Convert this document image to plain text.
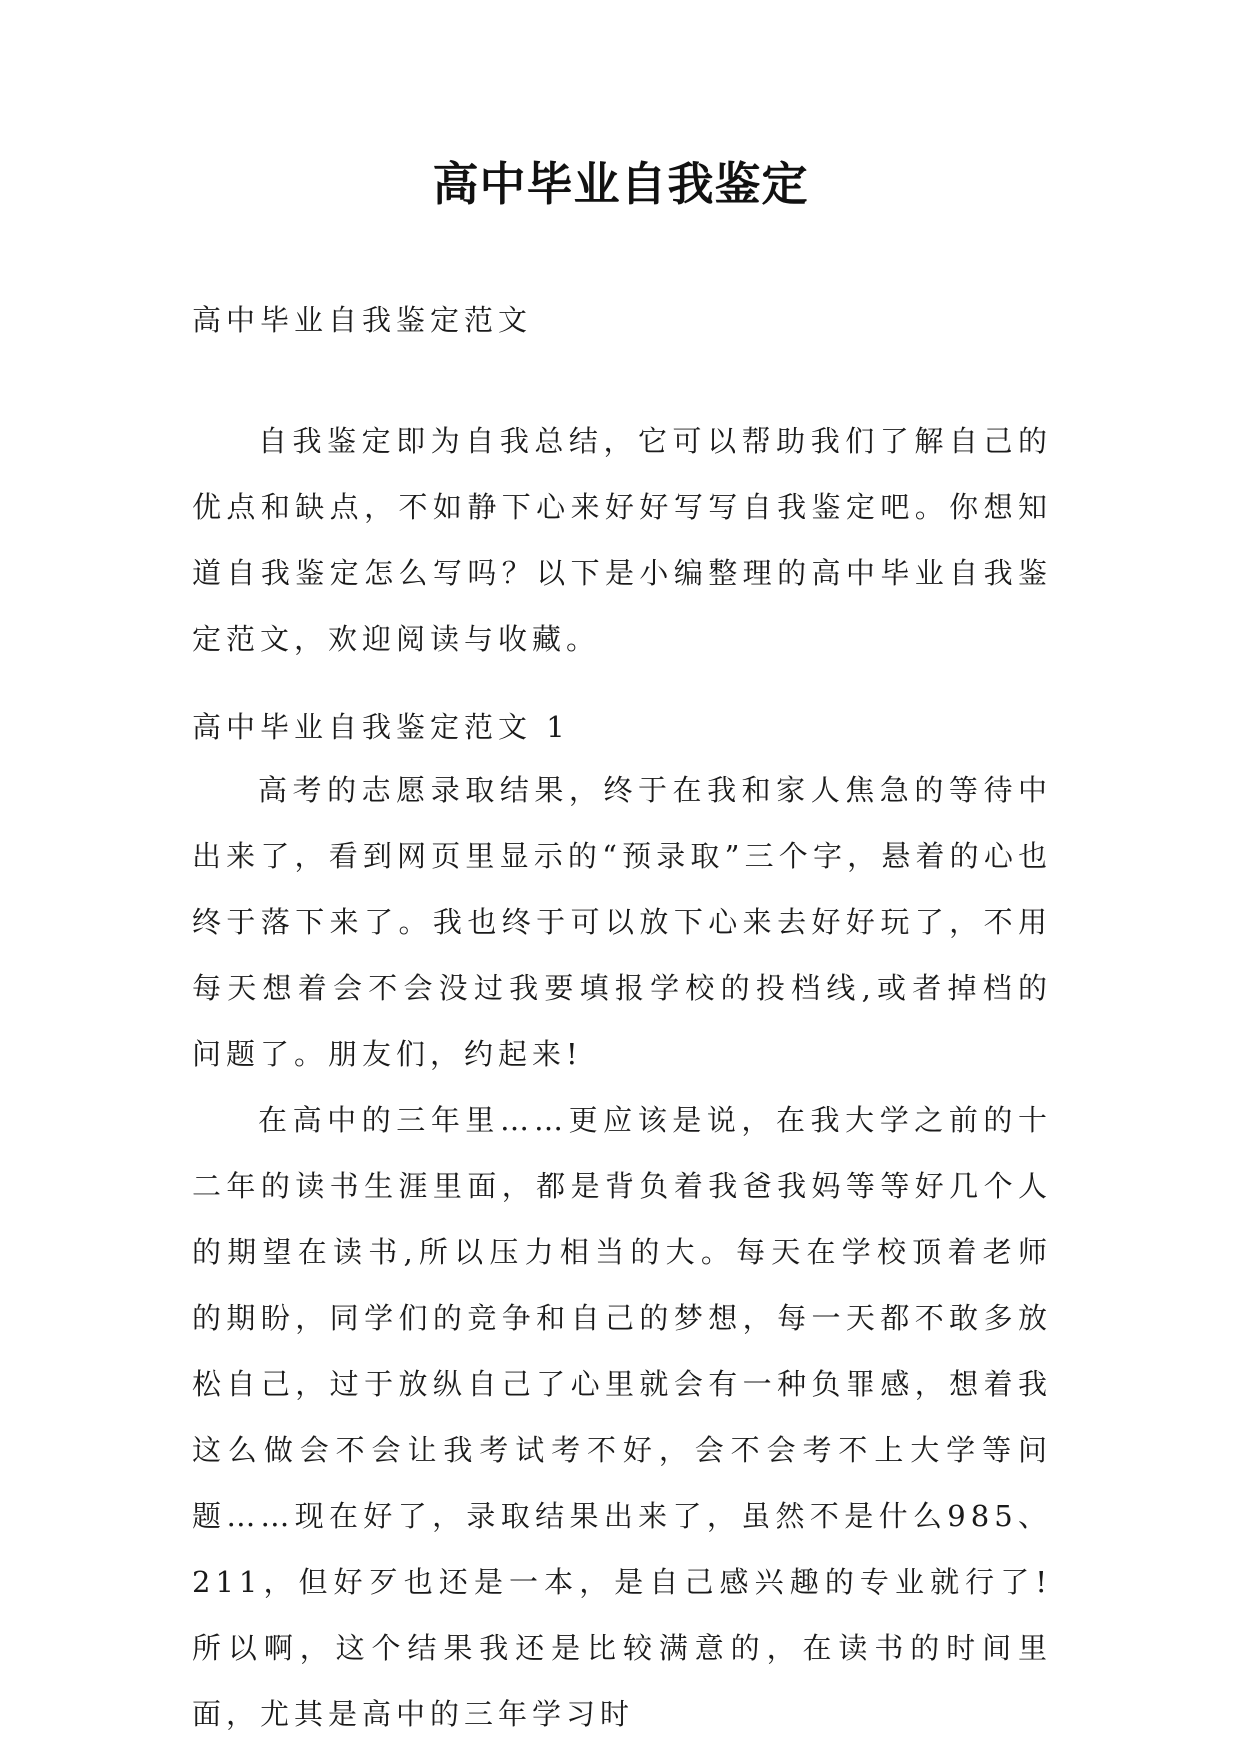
高中毕业自我鉴定
高中毕业自我鉴定范文

自我鉴定即为自我总结，它可以帮助我们了解自己的优点和缺点，不如静下心来好好写写自我鉴定吧。你想知道自我鉴定怎么写吗？以下是小编整理的高中毕业自我鉴定范文，欢迎阅读与收藏。

高中毕业自我鉴定范文 1

高考的志愿录取结果，终于在我和家人焦急的等待中出来了，看到网页里显示的“预录取”三个字，悬着的心也终于落下来了。我也终于可以放下心来去好好玩了，不用每天想着会不会没过我要填报学校的投档线,或者掉档的问题了。朋友们，约起来!

在高中的三年里……更应该是说，在我大学之前的十二年的读书生涯里面，都是背负着我爸我妈等等好几个人的期望在读书,所以压力相当的大。每天在学校顶着老师的期盼，同学们的竞争和自己的梦想，每一天都不敢多放松自己，过于放纵自己了心里就会有一种负罪感，想着我这么做会不会让我考试考不好，会不会考不上大学等问题……现在好了，录取结果出来了，虽然不是什么985、211，但好歹也还是一本，是自己感兴趣的专业就行了!所以啊，这个结果我还是比较满意的，在读书的时间里面，尤其是高中的三年学习时
